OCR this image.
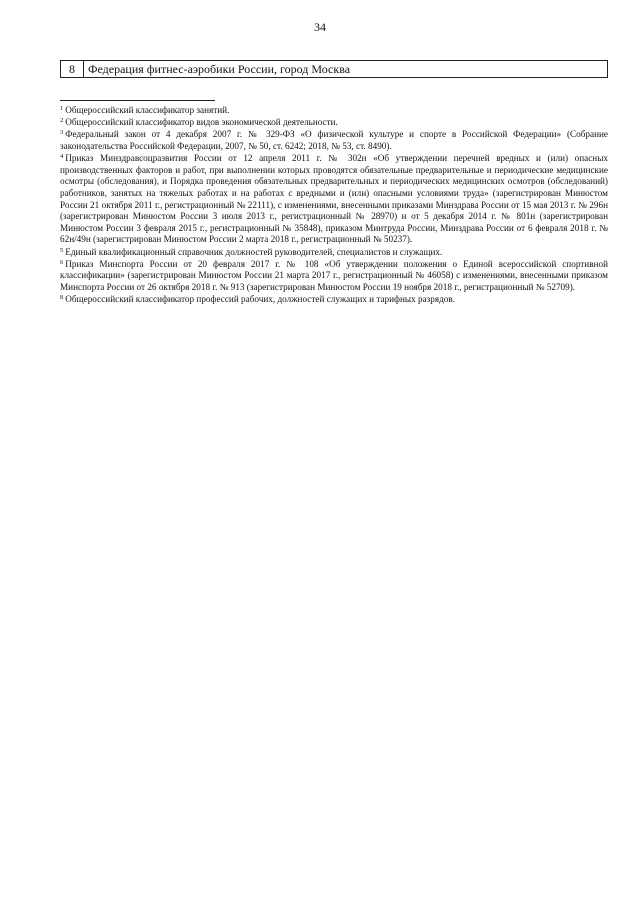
34
8	Федерация фитнес-аэробики России, город Москва

$^1$ Общероссийский классификатор занятий.

$^2$ Общероссийский классификатор видов экономической деятельности.

$^3$ Федеральный закон от 4 декабря 2007 г. № 329-ФЗ «О физической культуре и спорте в Российской Федерации» (Собрание законодательства Российской Федерации, 2007, № 50, ст. 6242; 2018, № 53, ст. 8490).

$^4$ Приказ Минздравсоцразвития России от 12 апреля 2011 г. № 302н «Об утверждении перечней вредных и (или) опасных производственных факторов и работ, при выполнении которых проводятся обязательные предварительные и периодические медицинские осмотры (обследования), и Порядка проведения обязательных предварительных и периодических медицинских осмотров (обследований) работников, занятых на тяжелых работах и на работах с вредными и (или) опасными условиями труда» (зарегистрирован Минюстом России 21 октября 2011 г., регистрационный № 22111), с изменениями, внесенными приказами Минздрава России от 15 мая 2013 г. № 296н (зарегистрирован Минюстом России 3 июля 2013 г., регистрационный № 28970) и от 5 декабря 2014 г. № 801н (зарегистрирован Минюстом России 3 февраля 2015 г., регистрационный № 35848), приказом Минтруда России, Минздрава России от 6 февраля 2018 г. № 62н/49н (зарегистрирован Минюстом России 2 марта 2018 г., регистрационный № 50237).

$^5$ Единый квалификационный справочник должностей руководителей, специалистов и служащих.

$^6$ Приказ Минспорта России от 20 февраля 2017 г. № 108 «Об утверждении положения о Единой всероссийской спортивной классификации» (зарегистрирован Минюстом России 21 марта 2017 г., регистрационный № 46058) с изменениями, внесенными приказом Минспорта России от 26 октября 2018 г. № 913 (зарегистрирован Минюстом России 19 ноября 2018 г., регистрационный № 52709).

$^8$ Общероссийский классификатор профессий рабочих, должностей служащих и тарифных разрядов.
